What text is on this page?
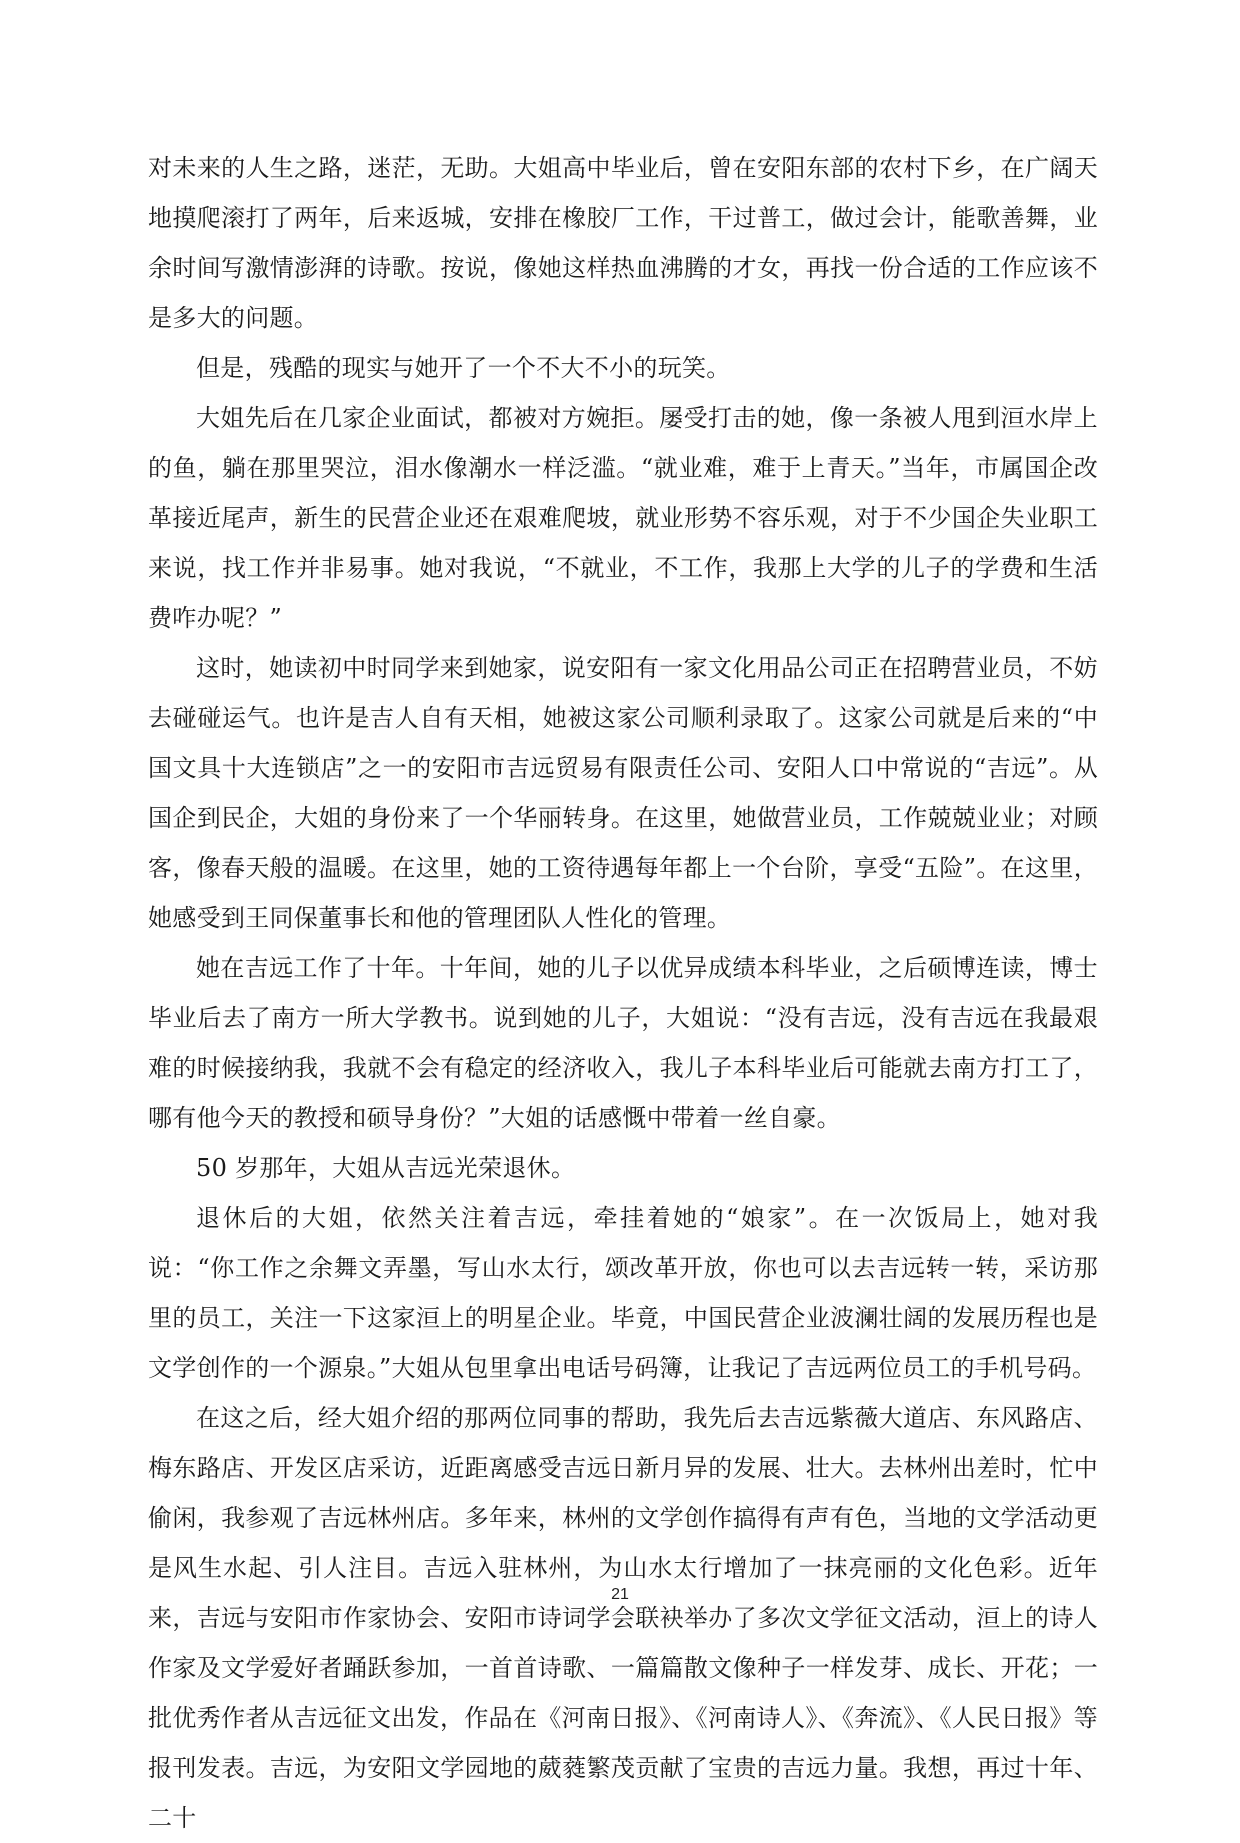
对未来的人生之路，迷茫，无助。大姐高中毕业后，曾在安阳东部的农村下乡，在广阔天地摸爬滚打了两年，后来返城，安排在橡胶厂工作，干过普工，做过会计，能歌善舞，业余时间写激情澎湃的诗歌。按说，像她这样热血沸腾的才女，再找一份合适的工作应该不是多大的问题。

但是，残酷的现实与她开了一个不大不小的玩笑。

大姐先后在几家企业面试，都被对方婉拒。屡受打击的她，像一条被人甩到洹水岸上的鱼，躺在那里哭泣，泪水像潮水一样泛滥。“就业难，难于上青天。”当年，市属国企改革接近尾声，新生的民营企业还在艰难爬坡，就业形势不容乐观，对于不少国企失业职工来说，找工作并非易事。她对我说，“不就业，不工作，我那上大学的儿子的学费和生活费咋办呢？”

这时，她读初中时同学来到她家，说安阳有一家文化用品公司正在招聘营业员，不妨去碰碰运气。也许是吉人自有天相，她被这家公司顺利录取了。这家公司就是后来的“中国文具十大连锁店”之一的安阳市吉远贸易有限责任公司、安阳人口中常说的“吉远”。从国企到民企，大姐的身份来了一个华丽转身。在这里，她做营业员，工作兢兢业业；对顾客，像春天般的温暖。在这里，她的工资待遇每年都上一个台阶，享受“五险”。在这里，她感受到王同保董事长和他的管理团队人性化的管理。

她在吉远工作了十年。十年间，她的儿子以优异成绩本科毕业，之后硕博连读，博士毕业后去了南方一所大学教书。说到她的儿子，大姐说：“没有吉远，没有吉远在我最艰难的时候接纳我，我就不会有稳定的经济收入，我儿子本科毕业后可能就去南方打工了，哪有他今天的教授和硕导身份？”大姐的话感慨中带着一丝自豪。

50 岁那年，大姐从吉远光荣退休。

退休后的大姐，依然关注着吉远，牵挂着她的“娘家”。在一次饭局上，她对我说：“你工作之余舞文弄墨，写山水太行，颂改革开放，你也可以去吉远转一转，采访那里的员工，关注一下这家洹上的明星企业。毕竟，中国民营企业波澜壮阔的发展历程也是文学创作的一个源泉。”大姐从包里拿出电话号码簿，让我记了吉远两位员工的手机号码。

在这之后，经大姐介绍的那两位同事的帮助，我先后去吉远紫薇大道店、东风路店、梅东路店、开发区店采访，近距离感受吉远日新月异的发展、壮大。去林州出差时，忙中偷闲，我参观了吉远林州店。多年来，林州的文学创作搞得有声有色，当地的文学活动更是风生水起、引人注目。吉远入驻林州，为山水太行增加了一抹亮丽的文化色彩。近年来，吉远与安阳市作家协会、安阳市诗词学会联袂举办了多次文学征文活动，洹上的诗人作家及文学爱好者踊跃参加，一首首诗歌、一篇篇散文像种子一样发芽、成长、开花；一批优秀作者从吉远征文出发，作品在《河南日报》、《河南诗人》、《奔流》、《人民日报》等报刊发表。吉远，为安阳文学园地的葳蕤繁茂贡献了宝贵的吉远力量。我想，再过十年、二十

21
